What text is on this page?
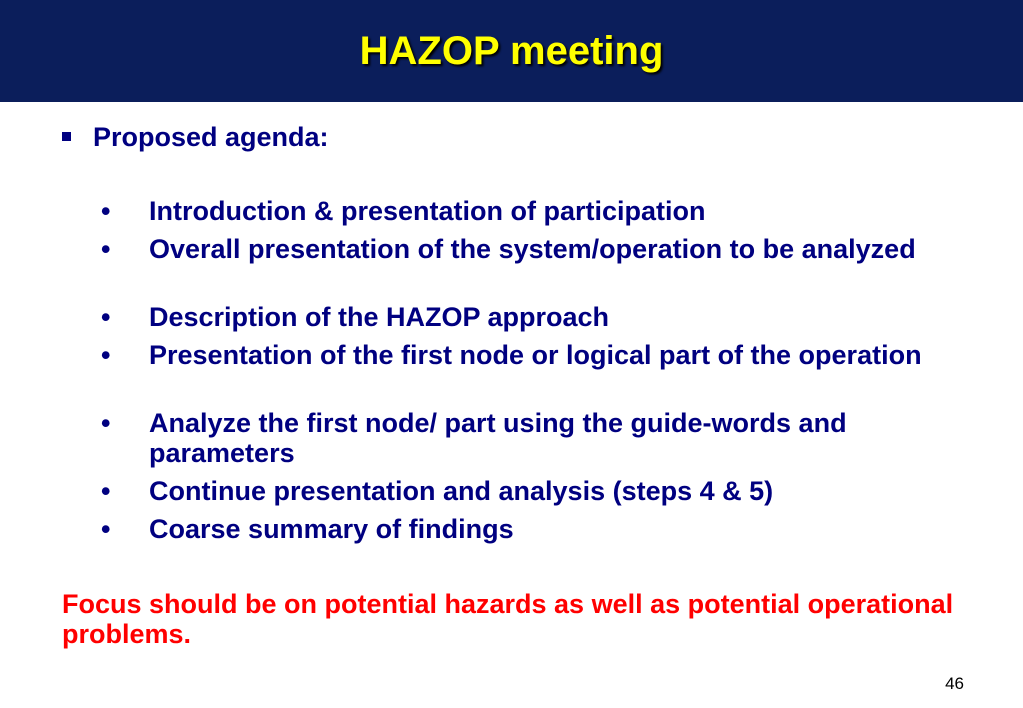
HAZOP meeting
Proposed agenda:
• Introduction & presentation of participation
• Overall presentation of the system/operation to be analyzed
• Description of the HAZOP approach
• Presentation of the first node or logical part of the operation
• Analyze the first node/ part using the guide-words and parameters
• Continue presentation and analysis (steps 4 & 5)
• Coarse summary of findings

Focus should be on potential hazards as well as potential operational problems.

46
